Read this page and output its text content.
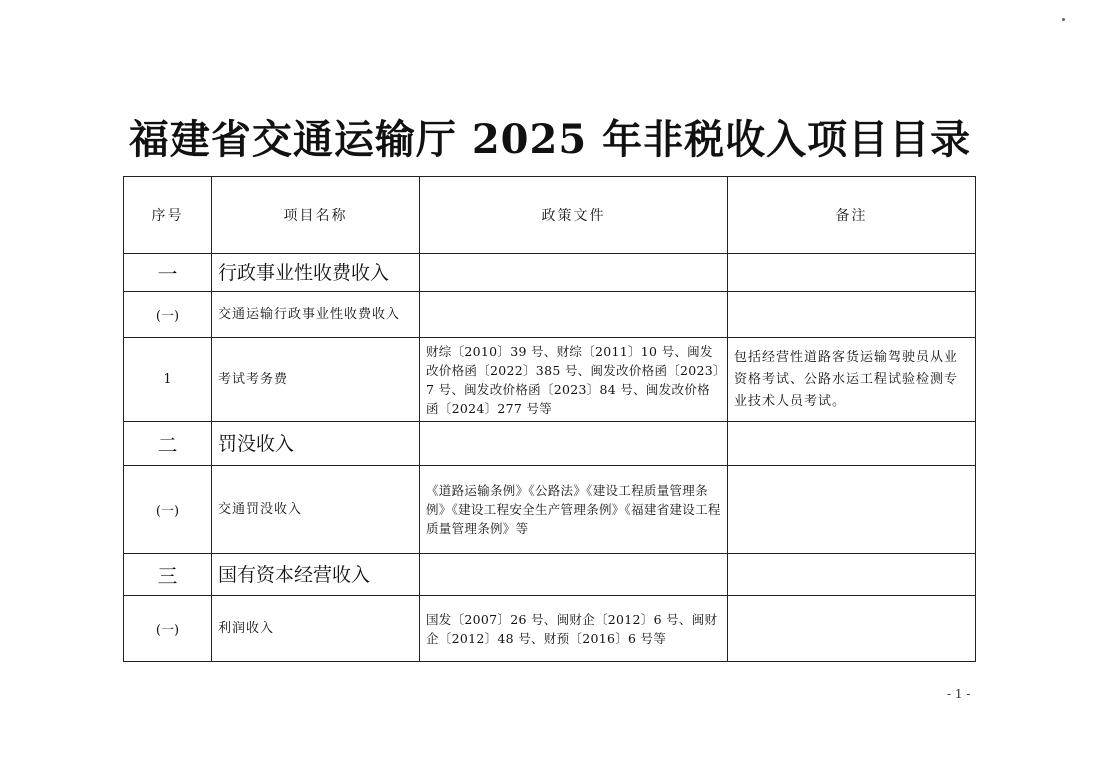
福建省交通运输厅 2025 年非税收入项目目录
序号	项目名称	政策文件	备注
一	行政事业性收费收入		
(一)	交通运输行政事业性收费收入		
1	考试考务费	财综〔2010〕39 号、财综〔2011〕10 号、闽发改价格函〔2022〕385 号、闽发改价格函〔2023〕7 号、闽发改价格函〔2023〕84 号、闽发改价格函〔2024〕277 号等	包括经营性道路客货运输驾驶员从业资格考试、公路水运工程试验检测专业技术人员考试。
二	罚没收入		
(一)	交通罚没收入	《道路运输条例》《公路法》《建设工程质量管理条例》《建设工程安全生产管理条例》《福建省建设工程质量管理条例》等	
三	国有资本经营收入		
(一)	利润收入	国发〔2007〕26 号、闽财企〔2012〕6 号、闽财企〔2012〕48 号、财预〔2016〕6 号等	
- 1 -
